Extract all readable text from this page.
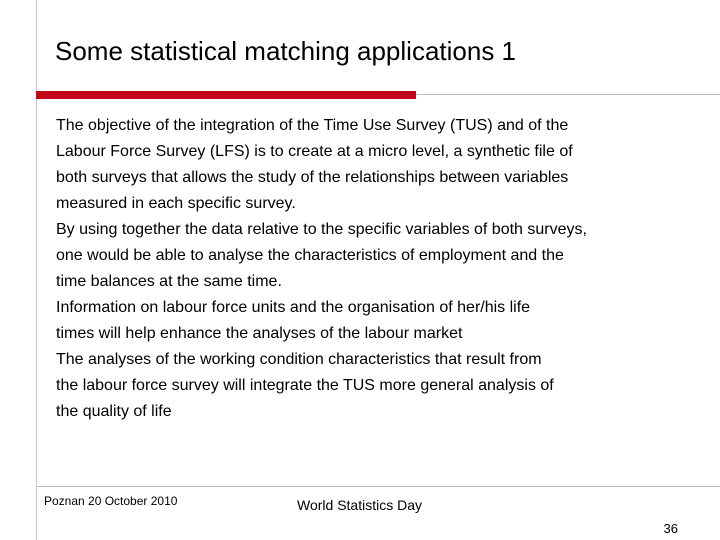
Some statistical matching applications 1
The objective of the integration of the Time Use Survey (TUS) and of the
Labour Force Survey (LFS) is to create at a micro level, a synthetic file of
both surveys that allows the study of the relationships between variables
measured in each specific survey.
By using together the data relative to the specific variables of both surveys,
one would be able to analyse the characteristics of employment and the
time balances at the same time.
Information on labour force units and the organisation of her/his life
times will help enhance the analyses of the labour market
The analyses of the working condition characteristics that result from
the labour force survey will integrate the TUS more general analysis of
the quality of life
Poznan 20 October 2010	World Statistics Day
36
